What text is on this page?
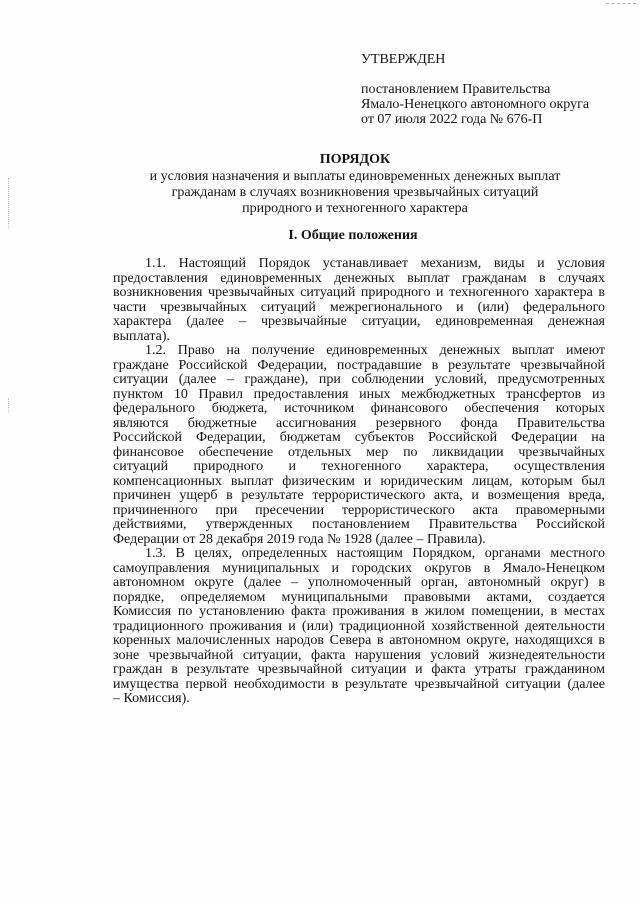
УТВЕРЖДЕН
постановлением Правительства
Ямало-Ненецкого автономного округа
от 07 июля 2022 года № 676-П
ПОРЯДОК
и условия назначения и выплаты единовременных денежных выплат
гражданам в случаях возникновения чрезвычайных ситуаций
природного и техногенного характера
I. Общие положения
1.1. Настоящий Порядок устанавливает механизм, виды и условия
предоставления единовременных денежных выплат гражданам в случаях
возникновения чрезвычайных ситуаций природного и техногенного характера в
части чрезвычайных ситуаций межрегионального и (или) федерального
характера (далее – чрезвычайные ситуации, единовременная денежная
выплата).
1.2. Право на получение единовременных денежных выплат имеют
граждане Российской Федерации, пострадавшие в результате чрезвычайной
ситуации (далее – граждане), при соблюдении условий, предусмотренных
пунктом 10 Правил предоставления иных межбюджетных трансфертов из
федерального бюджета, источником финансового обеспечения которых
являются бюджетные ассигнования резервного фонда Правительства
Российской Федерации, бюджетам субъектов Российской Федерации на
финансовое обеспечение отдельных мер по ликвидации чрезвычайных
ситуаций природного и техногенного характера, осуществления
компенсационных выплат физическим и юридическим лицам, которым был
причинен ущерб в результате террористического акта, и возмещения вреда,
причиненного при пресечении террористического акта правомерными
действиями, утвержденных постановлением Правительства Российской
Федерации от 28 декабря 2019 года № 1928 (далее – Правила).
1.3. В целях, определенных настоящим Порядком, органами местного
самоуправления муниципальных и городских округов в Ямало-Ненецком
автономном округе (далее – уполномоченный орган, автономный округ) в
порядке, определяемом муниципальными правовыми актами, создается
Комиссия по установлению факта проживания в жилом помещении, в местах
традиционного проживания и (или) традиционной хозяйственной деятельности
коренных малочисленных народов Севера в автономном округе, находящихся в
зоне чрезвычайной ситуации, факта нарушения условий жизнедеятельности
граждан в результате чрезвычайной ситуации и факта утраты гражданином
имущества первой необходимости в результате чрезвычайной ситуации (далее
– Комиссия).
